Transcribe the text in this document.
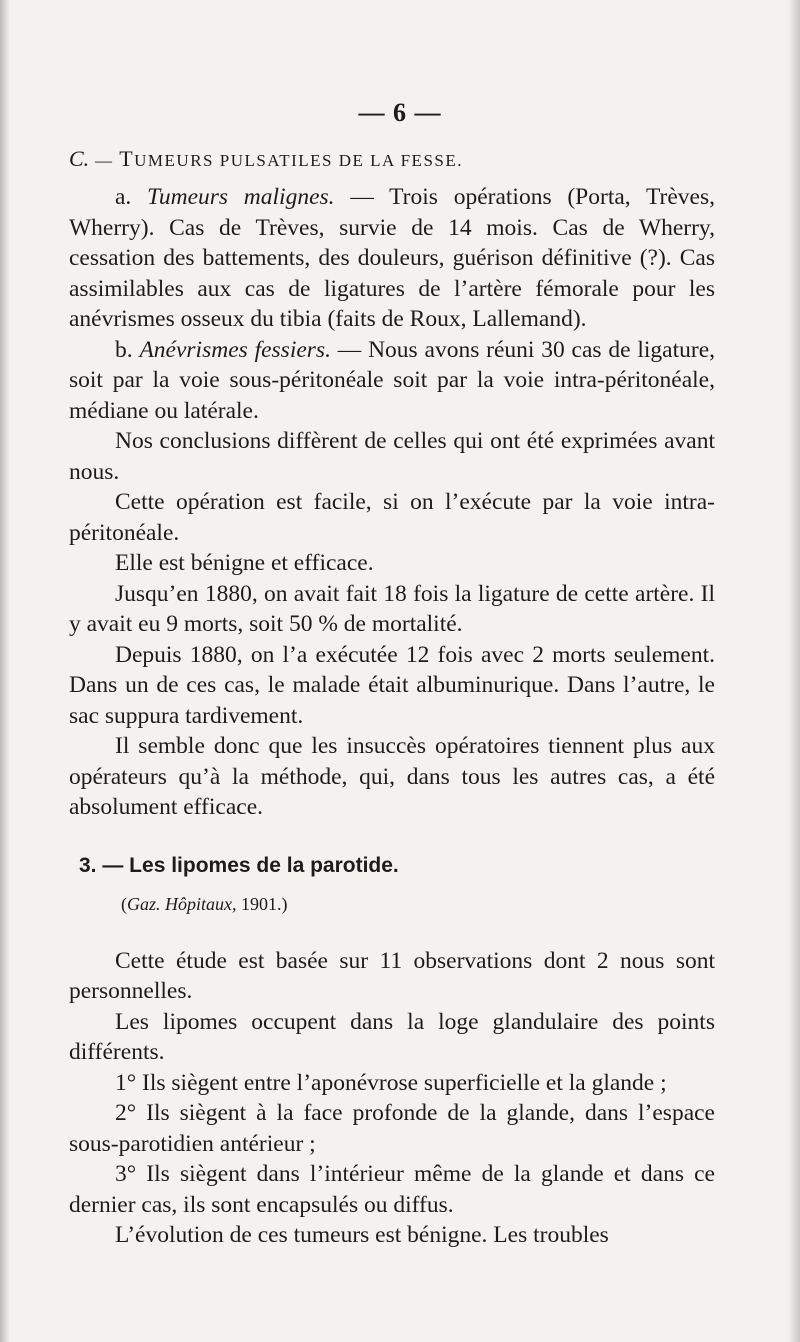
— 6 —

C. — TUMEURS PULSATILES DE LA FESSE.

a. Tumeurs malignes. — Trois opérations (Porta, Trèves, Wherry). Cas de Trèves, survie de 14 mois. Cas de Wherry, cessation des battements, des douleurs, guérison définitive (?). Cas assimilables aux cas de ligatures de l’artère fémorale pour les anévrismes osseux du tibia (faits de Roux, Lallemand).

b. Anévrismes fessiers. — Nous avons réuni 30 cas de ligature, soit par la voie sous-péritonéale soit par la voie intra-péritonéale, médiane ou latérale.

Nos conclusions diffèrent de celles qui ont été exprimées avant nous.

Cette opération est facile, si on l’exécute par la voie intra-péritonéale.

Elle est bénigne et efficace.

Jusqu’en 1880, on avait fait 18 fois la ligature de cette artère. Il y avait eu 9 morts, soit 50 % de mortalité.

Depuis 1880, on l’a exécutée 12 fois avec 2 morts seulement. Dans un de ces cas, le malade était albuminurique. Dans l’autre, le sac suppura tardivement.

Il semble donc que les insuccès opératoires tiennent plus aux opérateurs qu’à la méthode, qui, dans tous les autres cas, a été absolument efficace.

3. — Les lipomes de la parotide.

(Gaz. Hôpitaux, 1901.)

Cette étude est basée sur 11 observations dont 2 nous sont personnelles.

Les lipomes occupent dans la loge glandulaire des points différents.

1° Ils siègent entre l’aponévrose superficielle et la glande ;

2° Ils siègent à la face profonde de la glande, dans l’espace sous-parotidien antérieur ;

3° Ils siègent dans l’intérieur même de la glande et dans ce dernier cas, ils sont encapsulés ou diffus.

L’évolution de ces tumeurs est bénigne. Les troubles
